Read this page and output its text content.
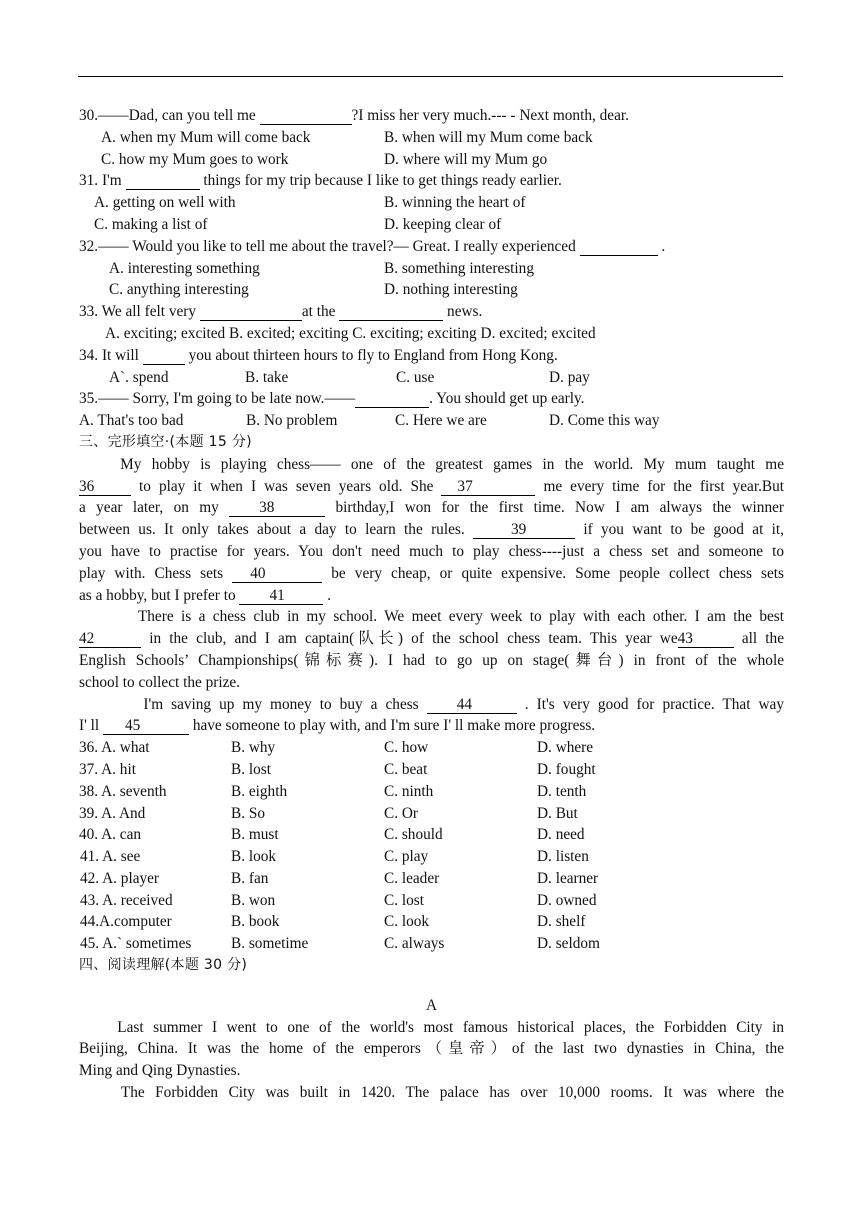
30.——Dad, can you tell me	?I miss her very much.--- - Next month, dear.
A. when my Mum will come back	B. when will my Mum come back
C. how my Mum goes to work	D. where will my Mum go
31. I'm	things for my trip because I like to get things ready earlier.
A. getting on well with	B. winning the heart of
C. making a list of	D. keeping clear of
32.—— Would you like to tell me about the travel?— Great. I really experienced	.
A. interesting something	B. something interesting
C. anything interesting	D. nothing interesting
33. We all felt very	at the	news.
A. exciting; excited B. excited; exciting C. exciting; exciting D. excited; excited
34. It will	you about thirteen hours to fly to England from Hong Kong.
A`. spend	B. take	C. use	D. pay
35.—— Sorry, I'm going to be late now.——	. You should get up early.
A. That's too bad	B. No problem	C. Here we are	D. Come this way
三、完形填空·(本题 15 分)
My hobby is playing chess—— one of the greatest games in the world. My mum taught me
36 to play it when I was seven years old. She 37	me every time for the first year.But
a year later, on my 38	birthday,I won for the first time. Now I am always the winner
between us. It only takes about a day to learn the rules. 39	if you want to be good at it,
you have to practise for years. You don't need much to play chess----just a chess set and someone to
play with. Chess sets 40	be very cheap, or quite expensive. Some people collect chess sets
as a hobby, but I prefer to 41	.
There is a chess club in my school. We meet every week to play with each other. I am the best
42	in the club, and I am captain(队长) of the school chess team. This year we43	all the
English Schools’ Championships(锦标赛). I had to go up on stage(舞台) in front of the whole
school to collect the prize.
I'm saving up my money to buy a chess 44	. It's very good for practice. That way
I' ll 45	have someone to play with, and I'm sure I' ll make more progress.
36. A. what	B. why	C. how	D. where
37. A. hit	B. lost	C. beat	D. fought
38. A. seventh	B. eighth	C. ninth	D. tenth
39. A. And	B. So	C. Or	D. But
40. A. can	B. must	C. should	D. need
41. A. see	B. look	C. play	D. listen
42. A. player	B. fan	C. leader	D. learner
43. A. received	B. won	C. lost	D. owned
44.A.computer	B. book	C. look	D. shelf
45. A.` sometimes	B. sometime	C. always	D. seldom
四、阅读理解(本题 30 分)
A
Last summer I went to one of the world's most famous historical places, the Forbidden City in
Beijing, China. It was the home of the emperors（皇帝）of the last two dynasties in China, the
Ming and Qing Dynasties.
The Forbidden City was built in 1420. The palace has over 10,000 rooms. It was where the
